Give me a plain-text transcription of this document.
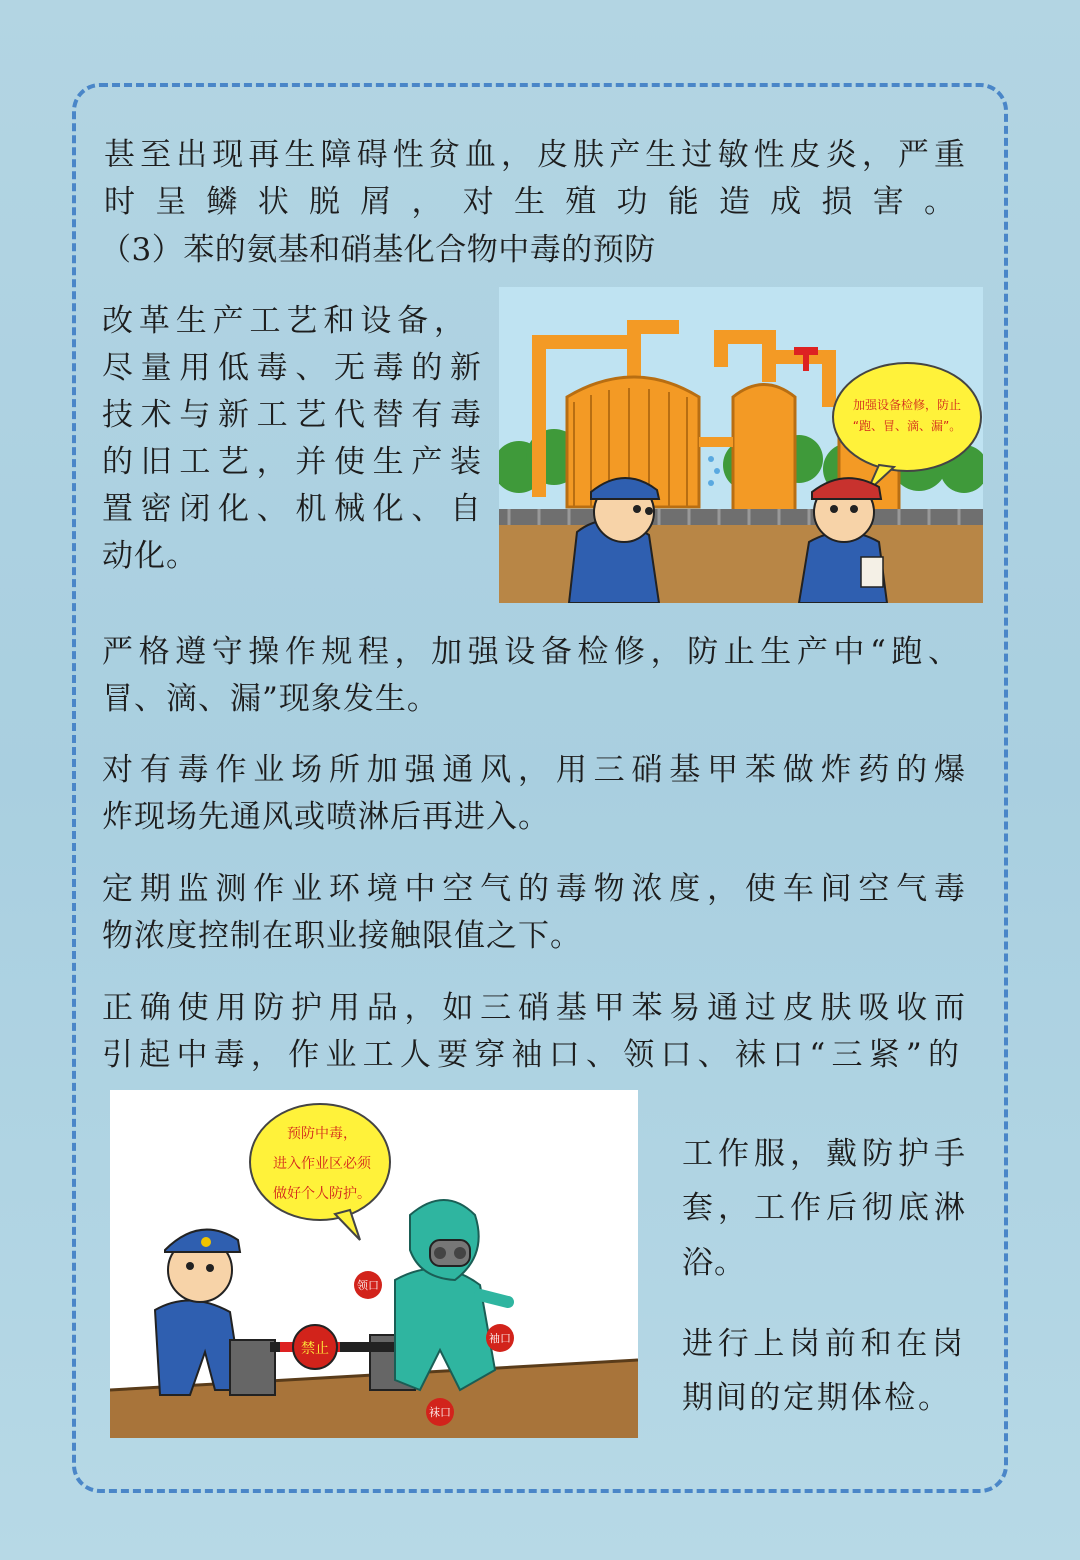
甚至出现再生障碍性贫血，皮肤产生过敏性皮炎，严重

时呈鳞状脱屑，对生殖功能造成损害。

（3）苯的氨基和硝基化合物中毒的预防

改革生产工艺和设备，

尽量用低毒、无毒的新

技术与新工艺代替有毒

的旧工艺，并使生产装

置密闭化、机械化、自

动化。

加强设备检修，防止
“跑、冒、滴、漏”。

严格遵守操作规程，加强设备检修，防止生产中“跑、

冒、滴、漏”现象发生。

对有毒作业场所加强通风，用三硝基甲苯做炸药的爆

炸现场先通风或喷淋后再进入。

定期监测作业环境中空气的毒物浓度，使车间空气毒

物浓度控制在职业接触限值之下。

正确使用防护用品，如三硝基甲苯易通过皮肤吸收而

引起中毒，作业工人要穿袖口、领口、袜口“三紧”的

预防中毒，
进入作业区必须
做好个人防护。
禁止
领口
袖口
袜口

工作服，戴防护手

套，工作后彻底淋

浴。

进行上岗前和在岗

期间的定期体检。
